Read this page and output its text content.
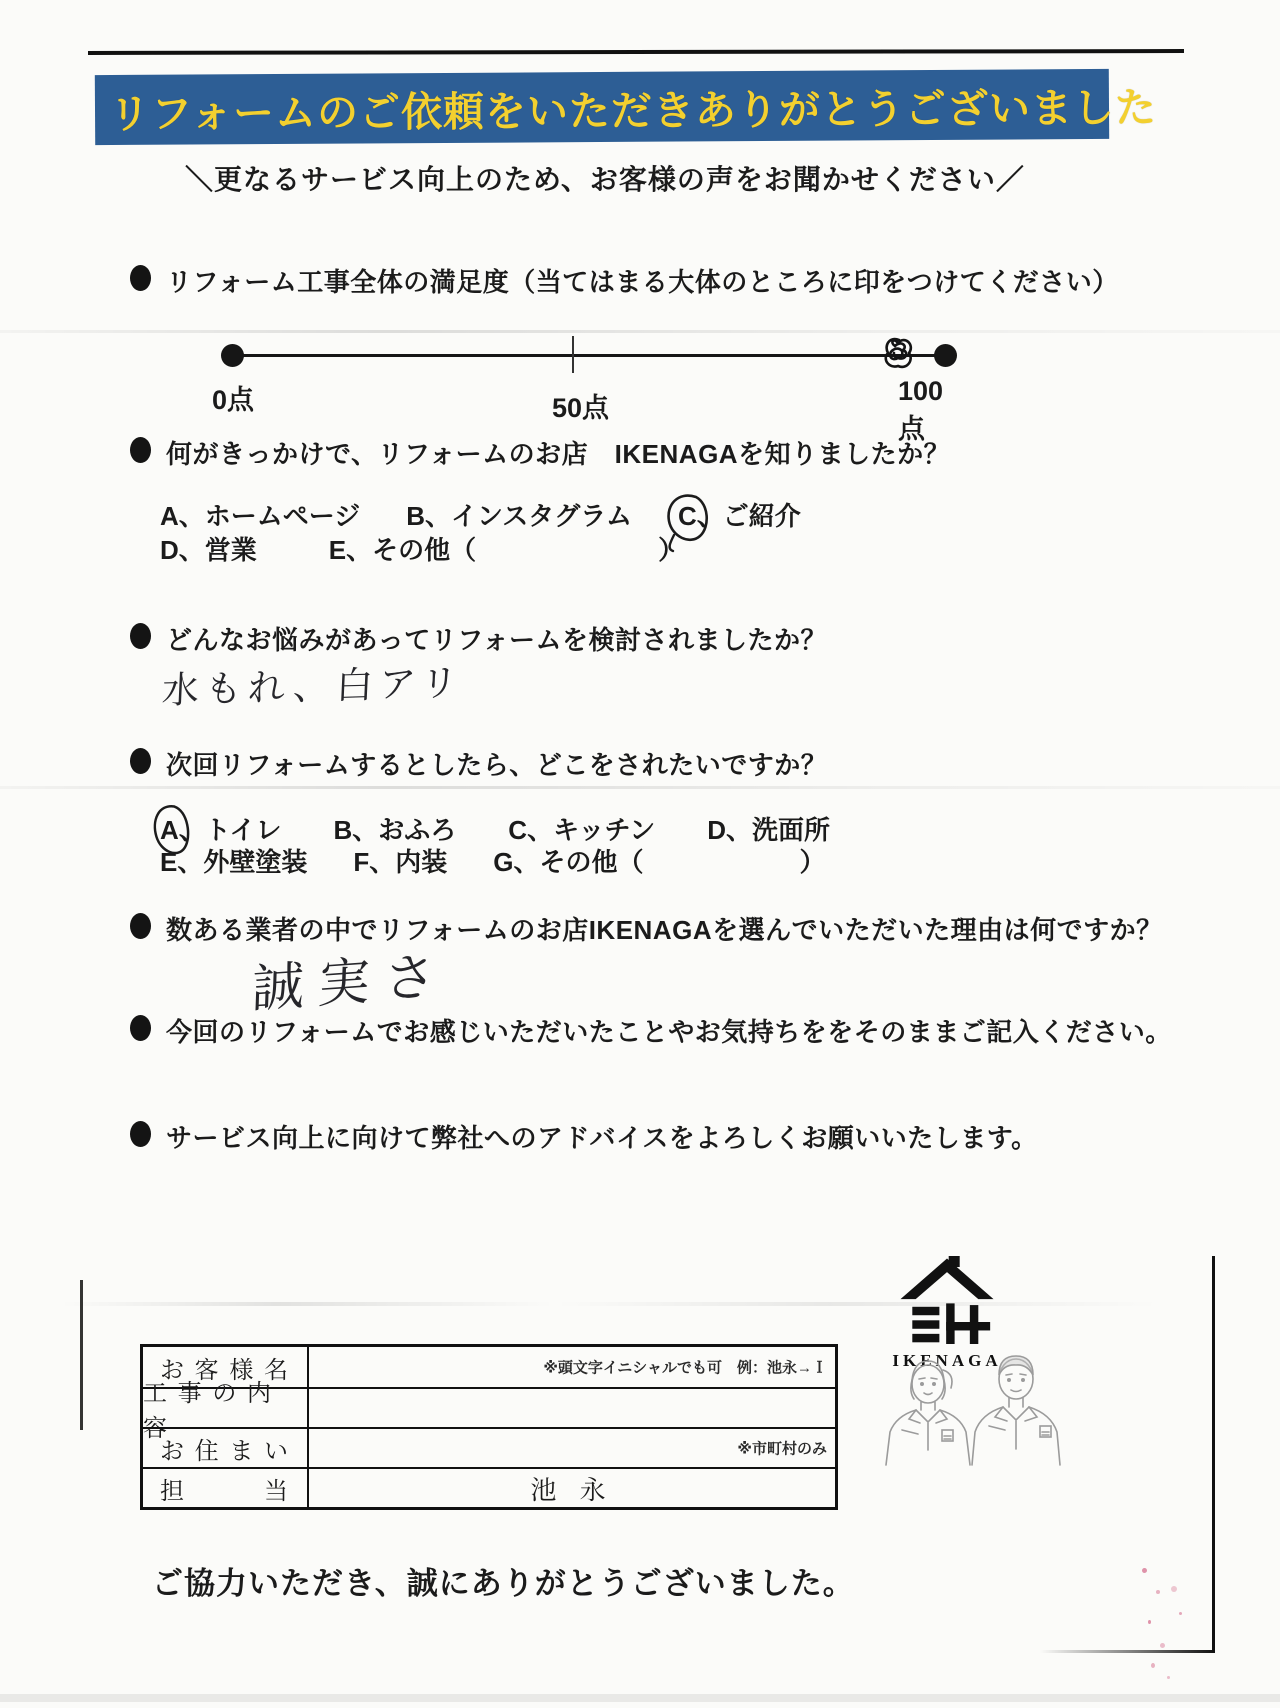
リフォームのご依頼をいただきありがとうございました
＼更なるサービス向上のため、お客様の声をお聞かせください／
リフォーム工事全体の満足度（当てはまる大体のところに印をつけてください）
0点	50点
100点
何がきっかけで、リフォームのお店　IKENAGAを知りましたか？
A、ホームページ B、インスタグラム C
、ご紹介
D、営業	E、その他（　　　　　　　）
どんなお悩みがあってリフォームを検討されましたか？
水もれ、白アリ
次回リフォームするとしたら、どこをされたいですか？
A
、トイレ B、おふろ C、キッチン D、洗面所
E、外壁塗装 F、内装 G、その他（　　　　　　）
数ある業者の中でリフォームのお店IKENAGAを選んでいただいた理由は何ですか？
誠実さ
今回のリフォームでお感じいただいたことやお気持ちををそのままご記入ください。
サービス向上に向けて弊社へのアドバイスをよろしくお願いいたします。
お 客 様 名	※頭文字イニシャルでも可　例：池永→Ｉ
工 事 の 内 容
お 住 ま い	※市町村のみ
担　　　当	池 永
IKENAGA
ご協力いただき、誠にありがとうございました。
